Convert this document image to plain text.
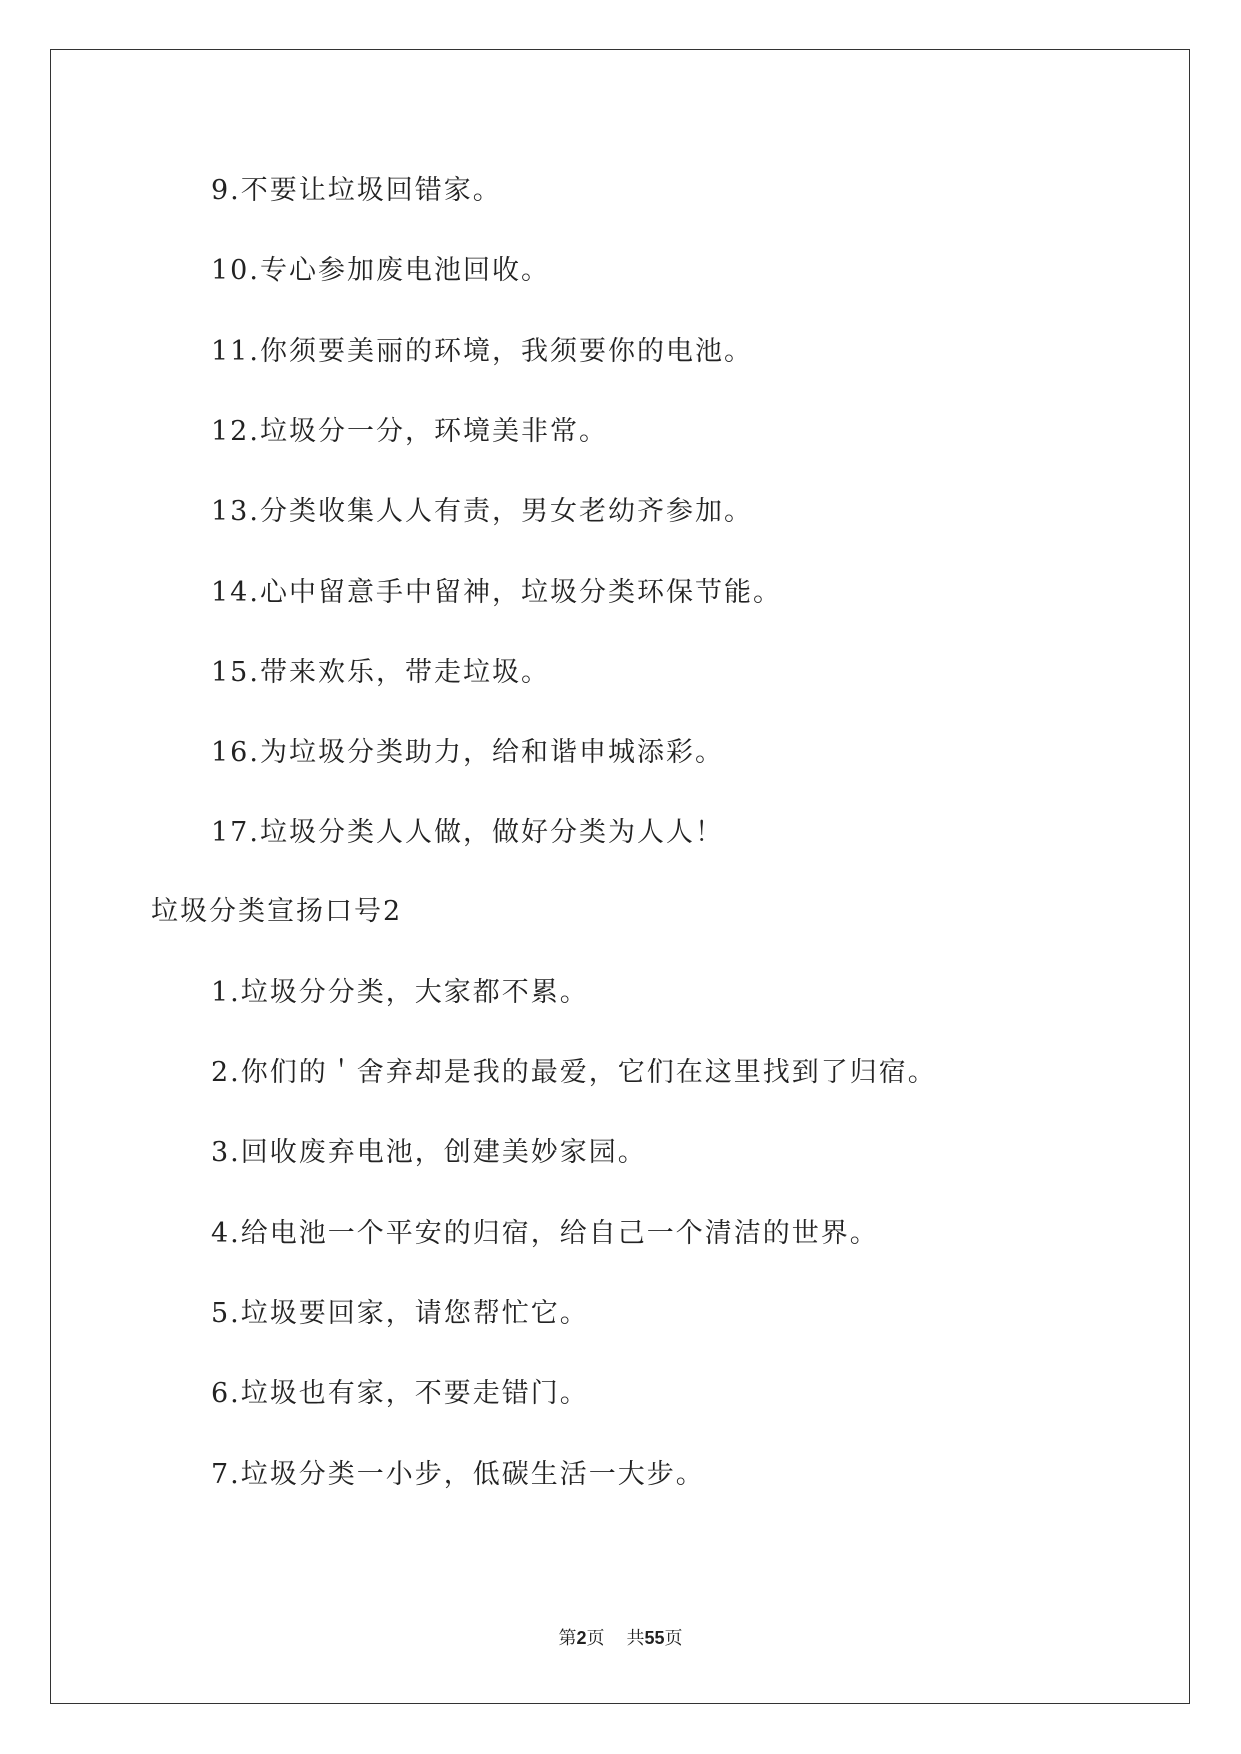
9.不要让垃圾回错家。
10.专心参加废电池回收。
11.你须要美丽的环境，我须要你的电池。
12.垃圾分一分，环境美非常。
13.分类收集人人有责，男女老幼齐参加。
14.心中留意手中留神，垃圾分类环保节能。
15.带来欢乐，带走垃圾。
16.为垃圾分类助力，给和谐申城添彩。
17.垃圾分类人人做，做好分类为人人！
垃圾分类宣扬口号2
1.垃圾分分类，大家都不累。
2.你们的＇舍弃却是我的最爱，它们在这里找到了归宿。
3.回收废弃电池，创建美妙家园。
4.给电池一个平安的归宿，给自己一个清洁的世界。
5.垃圾要回家，请您帮忙它。
6.垃圾也有家，不要走错门。
7.垃圾分类一小步，低碳生活一大步。
第2页 共55页
